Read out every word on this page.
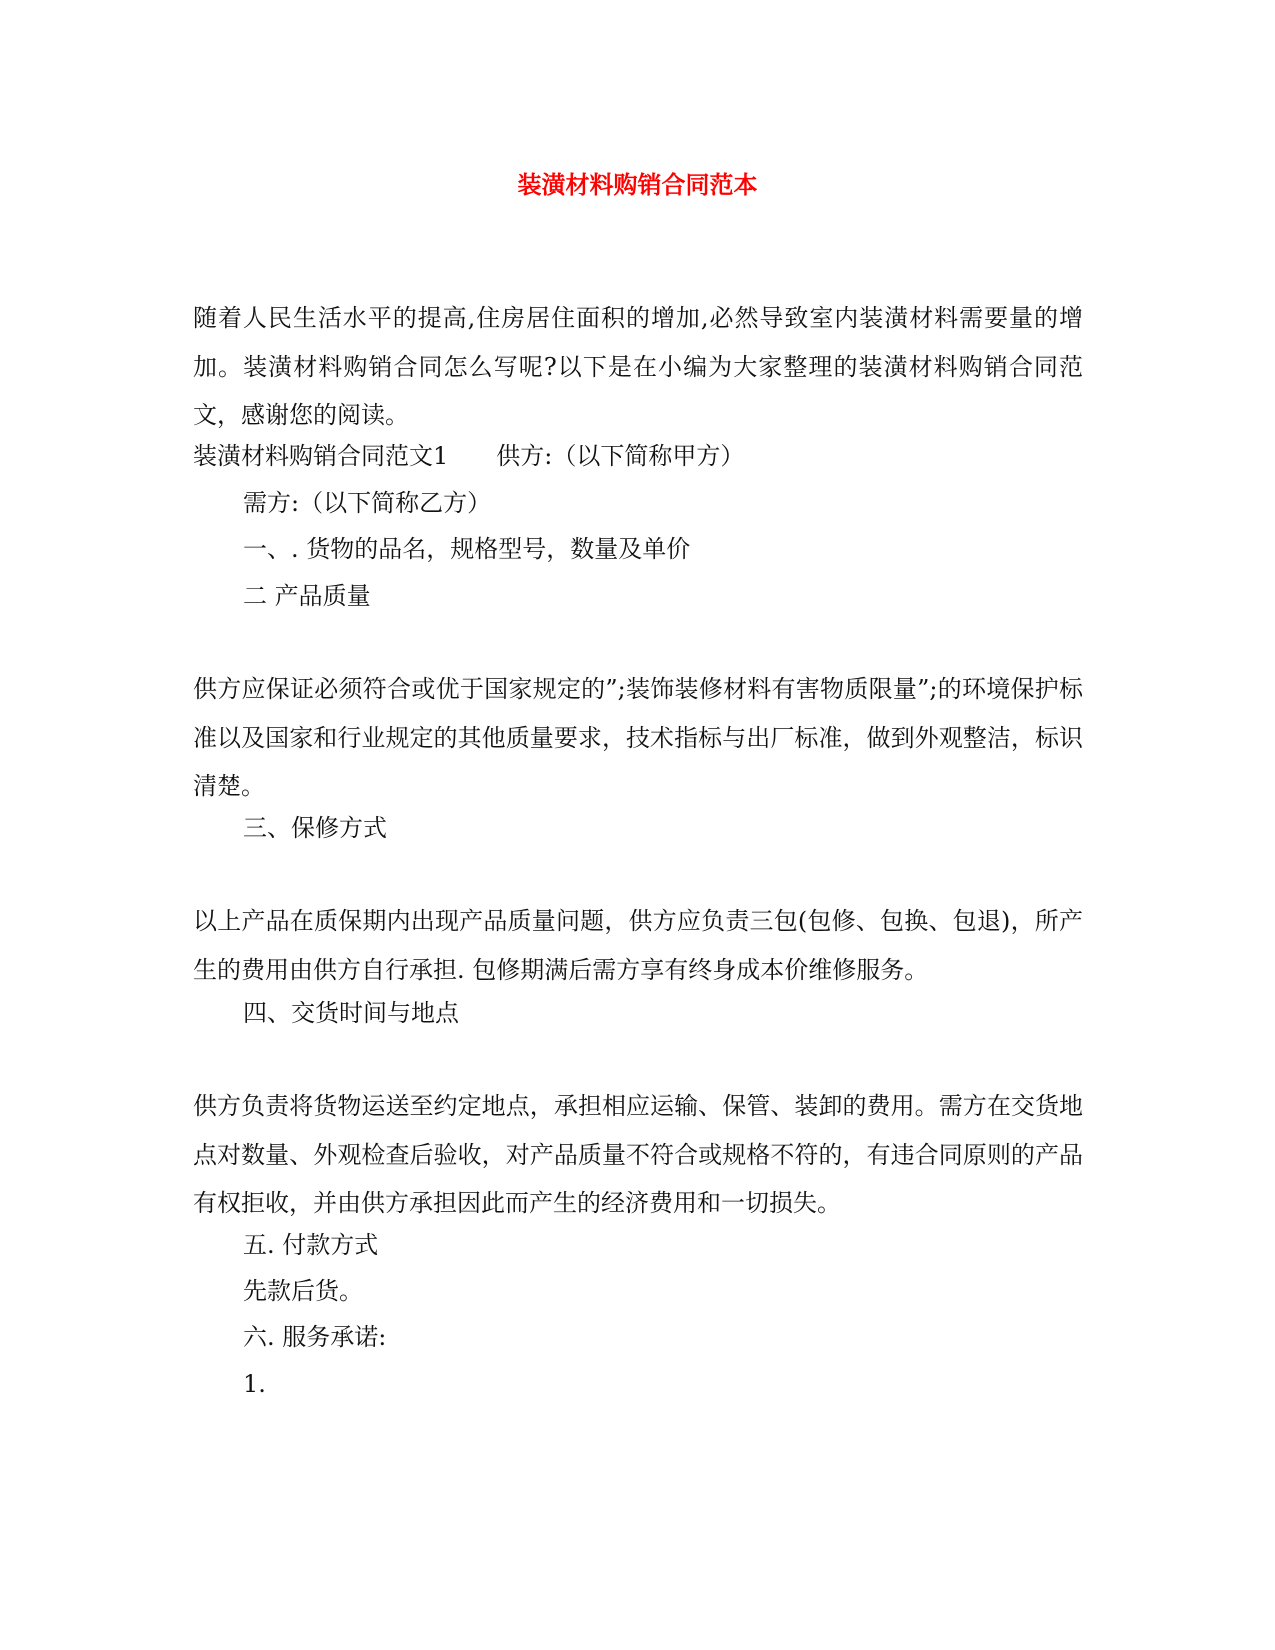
装潢材料购销合同范本
随着人民生活水平的提高,住房居住面积的增加,必然导致室内装潢材料需要量的增加。装潢材料购销合同怎么写呢?以下是在小编为大家整理的装潢材料购销合同范文，感谢您的阅读。
装潢材料购销合同范文1 供方:（以下简称甲方）
需方:（以下简称乙方）
一、. 货物的品名，规格型号，数量及单价
二 产品质量
供方应保证必须符合或优于国家规定的”;装饰装修材料有害物质限量”;的环境保护标准以及国家和行业规定的其他质量要求，技术指标与出厂标准，做到外观整洁，标识清楚。
三、保修方式
以上产品在质保期内出现产品质量问题，供方应负责三包(包修、包换、包退)，所产生的费用由供方自行承担. 包修期满后需方享有终身成本价维修服务。
四、交货时间与地点
供方负责将货物运送至约定地点，承担相应运输、保管、装卸的费用。需方在交货地点对数量、外观检查后验收，对产品质量不符合或规格不符的，有违合同原则的产品有权拒收，并由供方承担因此而产生的经济费用和一切损失。
五. 付款方式
先款后货。
六. 服务承诺:
1.
